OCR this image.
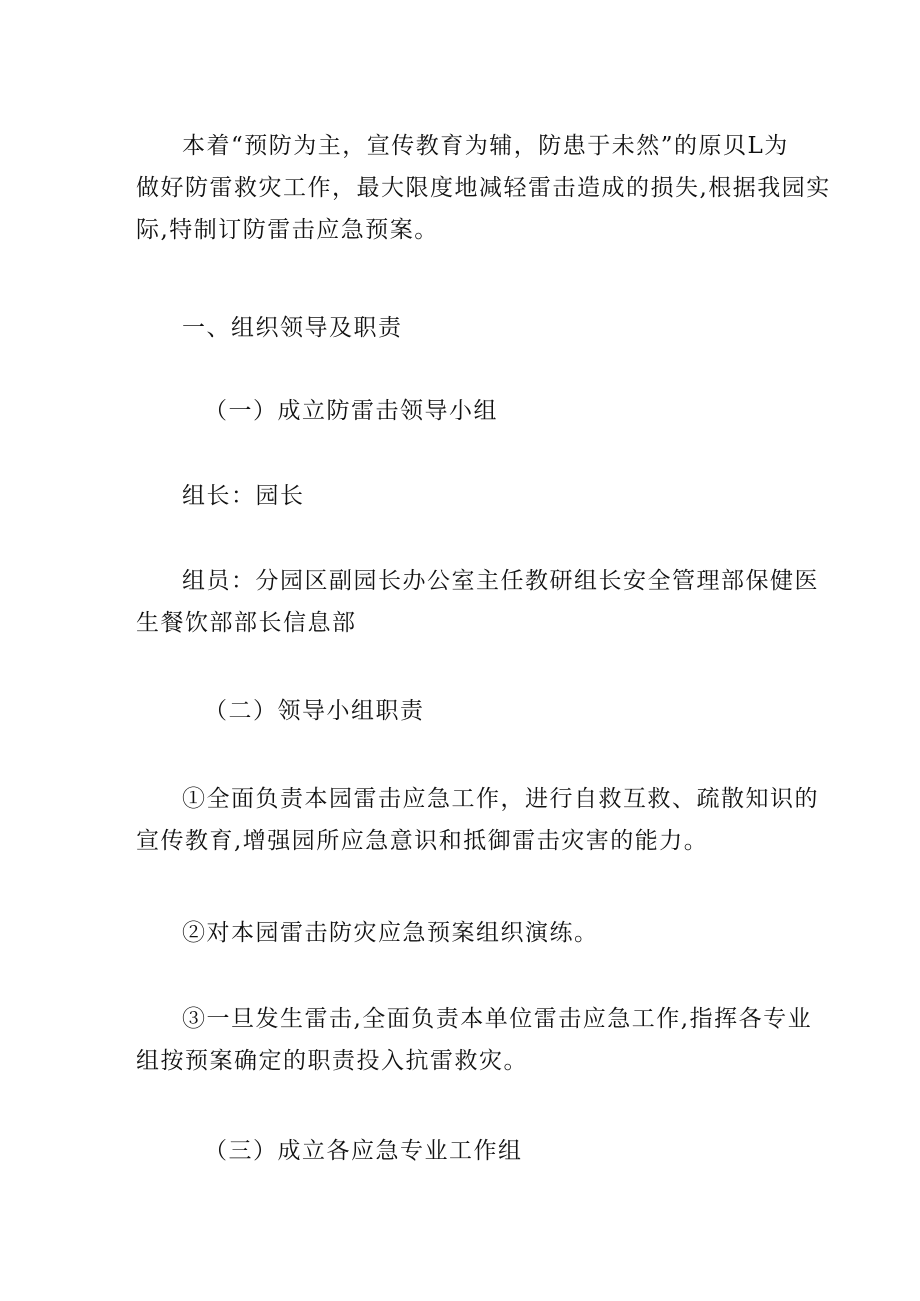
本着“预防为主，宣传教育为辅，防患于未然”的原贝L为
做好防雷救灾工作，最大限度地减轻雷击造成的损失,根据我园实
际,特制订防雷击应急预案。

一、组织领导及职责

（一）成立防雷击领导小组

组长：园长

组员：分园区副园长办公室主任教研组长安全管理部保健医
生餐饮部部长信息部

（二）领导小组职责

①全面负责本园雷击应急工作，进行自救互救、疏散知识的
宣传教育,增强园所应急意识和抵御雷击灾害的能力。

②对本园雷击防灾应急预案组织演练。

③一旦发生雷击,全面负责本单位雷击应急工作,指挥各专业
组按预案确定的职责投入抗雷救灾。

（三）成立各应急专业工作组
